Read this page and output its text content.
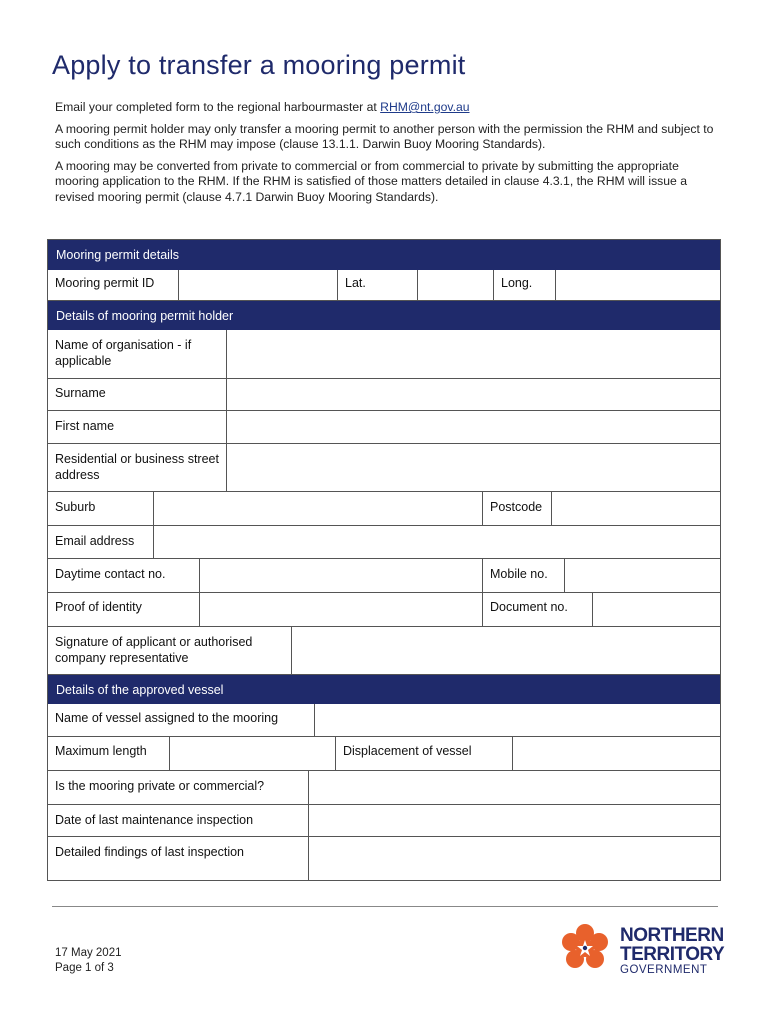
Apply to transfer a mooring permit

Email your completed form to the regional harbourmaster at RHM@nt.gov.au

A mooring permit holder may only transfer a mooring permit to another person with the permission the RHM and subject to such conditions as the RHM may impose (clause 13.1.1. Darwin Buoy Mooring Standards).

A mooring may be converted from private to commercial or from commercial to private by submitting the appropriate mooring application to the RHM. If the RHM is satisfied of those matters detailed in clause 4.3.1, the RHM will issue a revised mooring permit (clause 4.7.1 Darwin Buoy Mooring Standards).

Mooring permit details
Mooring permit ID	Lat.	Long.
Details of mooring permit holder
Name of organisation - if applicable
Surname
First name
Residential or business street address
Suburb	Postcode
Email address
Daytime contact no.	Mobile no.
Proof of identity	Document no.
Signature of applicant or authorised company representative
Details of the approved vessel
Name of vessel assigned to the mooring
Maximum length	Displacement of vessel
Is the mooring private or commercial?
Date of last maintenance inspection
Detailed findings of last inspection
17 May 2021
Page 1 of 3
NORTHERN
TERRITORY
GOVERNMENT
